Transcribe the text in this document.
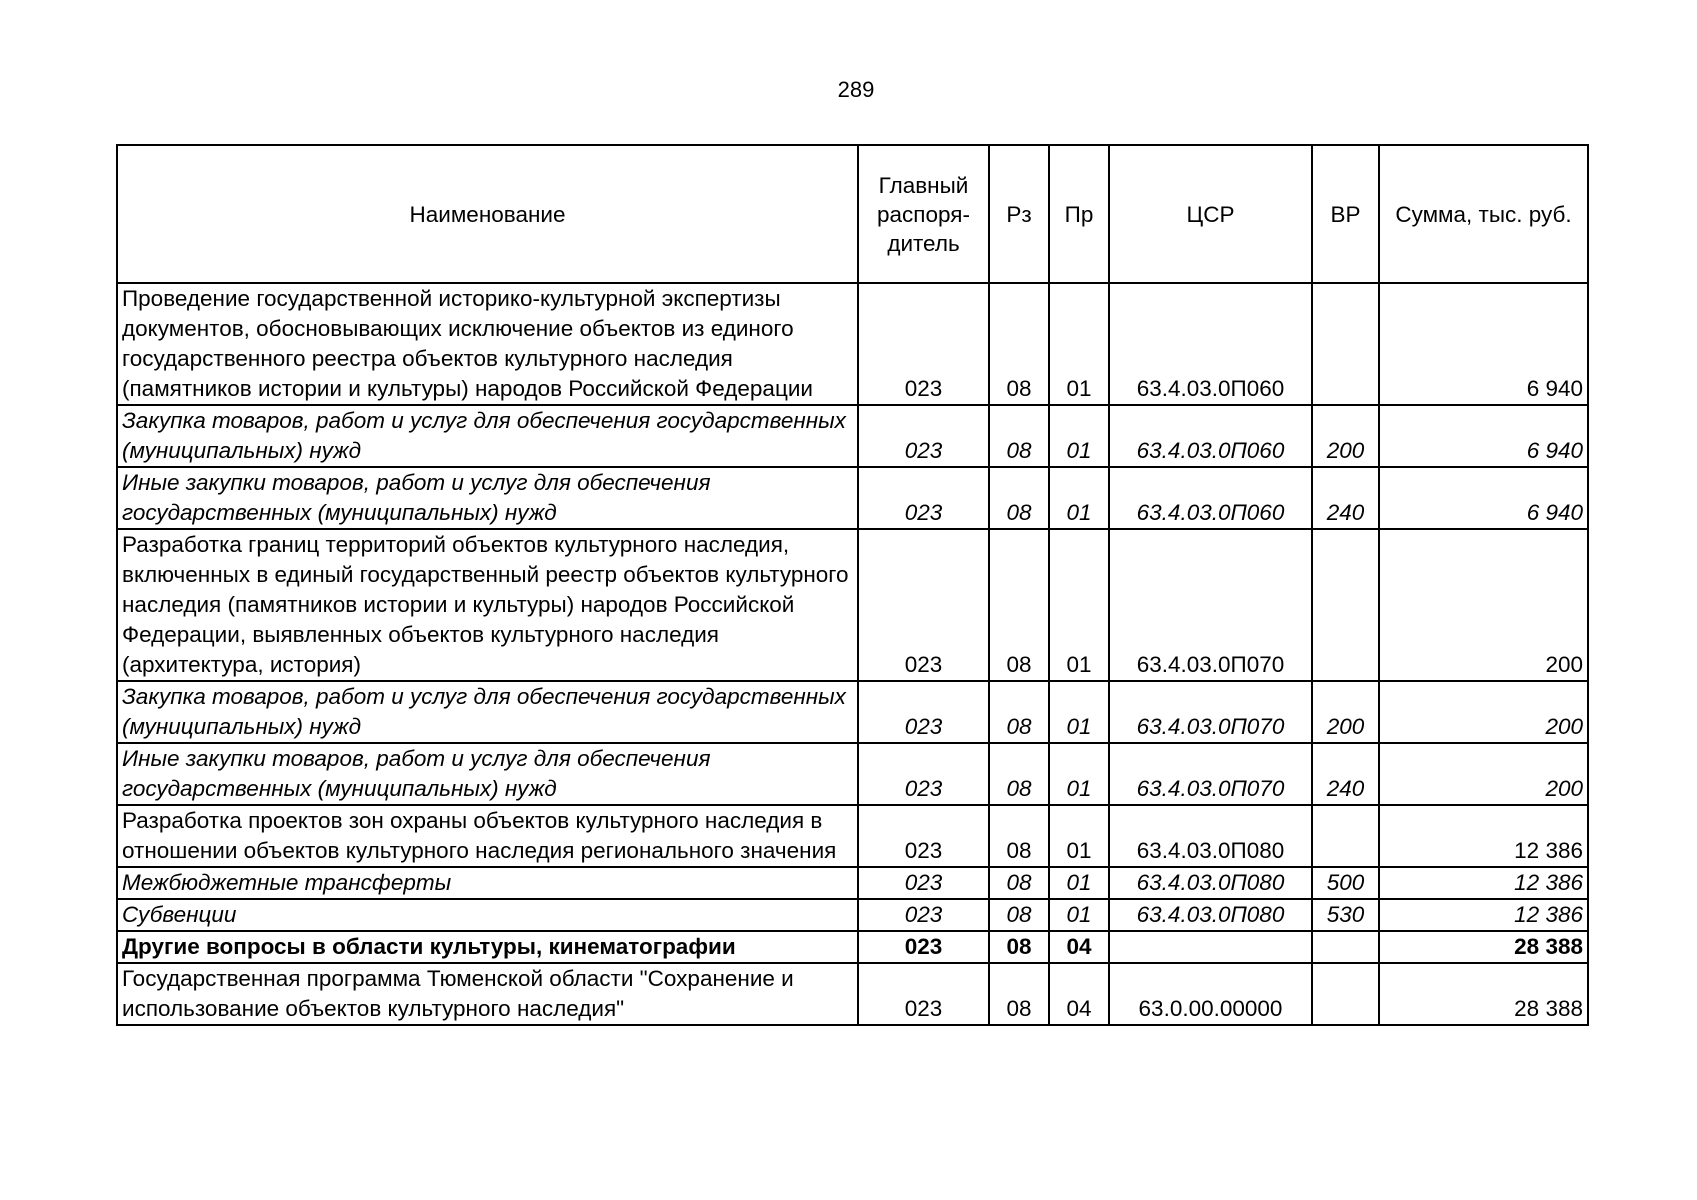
289
Наименование	Главный распоря-дитель	Рз	Пр	ЦСР	ВР	Сумма, тыс. руб.
Проведение государственной историко-культурной экспертизы документов, обосновывающих исключение объектов из единого государственного реестра объектов культурного наследия (памятников истории и культуры) народов Российской Федерации	023	08	01	63.4.03.0П060		6 940
Закупка товаров, работ и услуг для обеспечения государственных (муниципальных) нужд	023	08	01	63.4.03.0П060	200	6 940
Иные закупки товаров, работ и услуг для обеспечения государственных (муниципальных) нужд	023	08	01	63.4.03.0П060	240	6 940
Разработка границ территорий объектов культурного наследия, включенных в единый государственный реестр объектов культурного наследия (памятников истории и культуры) народов Российской Федерации, выявленных объектов культурного наследия (архитектура, история)	023	08	01	63.4.03.0П070		200
Закупка товаров, работ и услуг для обеспечения государственных (муниципальных) нужд	023	08	01	63.4.03.0П070	200	200
Иные закупки товаров, работ и услуг для обеспечения государственных (муниципальных) нужд	023	08	01	63.4.03.0П070	240	200
Разработка проектов зон охраны объектов культурного наследия в отношении объектов культурного наследия регионального значения	023	08	01	63.4.03.0П080		12 386
Межбюджетные трансферты	023	08	01	63.4.03.0П080	500	12 386
Субвенции	023	08	01	63.4.03.0П080	530	12 386
Другие вопросы в области культуры, кинематографии	023	08	04			28 388
Государственная программа Тюменской области "Сохранение и использование объектов культурного наследия"	023	08	04	63.0.00.00000		28 388
